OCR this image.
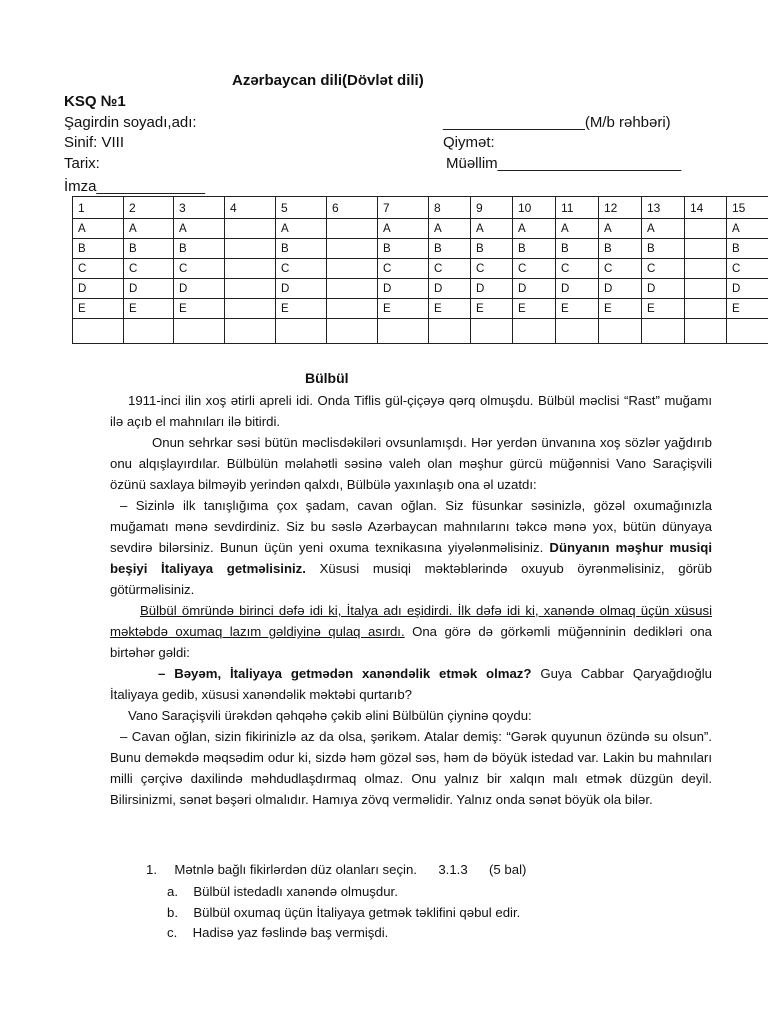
Azərbaycan dili(Dövlət dili)
KSQ №1
Şagirdin soyadı,adı:	_________________(M/b rəhbəri)
Sinif: VIII	Qiymət:
Tarix:	Müəllim______________________
İmza_____________
1	2	3	4	5	6	7	8	9	10	11	12	13	14	15
A	A	A		A		A	A	A	A	A	A	A		A
B	B	B		B		B	B	B	B	B	B	B		B
C	C	C		C		C	C	C	C	C	C	C		C
D	D	D		D		D	D	D	D	D	D	D		D
E	E	E		E		E	E	E	E	E	E	E		E

Bülbül

1911-inci ilin xoş ətirli apreli idi. Onda Tiflis gül-çiçəyə qərq olmuşdu. Bülbül məclisi “Rast” muğamı ilə açıb el mahnıları ilə bitirdi.

Onun sehrkar səsi bütün məclisdəkiləri ovsunlamışdı. Hər yerdən ünvanına xoş sözlər yağdırıb onu alqışlayırdılar. Bülbülün məlahətli səsinə valeh olan məşhur gürcü müğənnisi Vano Saraçişvili özünü saxlaya bilməyib yerindən qalxdı, Bülbülə yaxınlaşıb ona əl uzatdı:

– Sizinlə ilk tanışlığıma çox şadam, cavan oğlan. Siz füsunkar səsinizlə, gözəl oxumağınızla muğamatı mənə sevdirdiniz. Siz bu səslə Azərbaycan mahnılarını təkcə mənə yox, bütün dünyaya sevdirə bilərsiniz. Bunun üçün yeni oxuma texnikasına yiyələnməlisiniz. Dünyanın məşhur musiqi beşiyi İtaliyaya getməlisiniz. Xüsusi musiqi məktəblərində oxuyub öyrənməlisiniz, görüb götürməlisiniz.

Bülbül ömründə birinci dəfə idi ki, İtalya adı eşidirdi. İlk dəfə idi ki, xanəndə olmaq üçün xüsusi məktəbdə oxumaq lazım gəldiyinə qulaq asırdı. Ona görə də görkəmli müğənninin dedikləri ona birtəhər gəldi:

– Bəyəm, İtaliyaya getmədən xanəndəlik etmək olmaz? Guya Cabbar Qaryağdıoğlu İtaliyaya gedib, xüsusi xanəndəlik məktəbi qurtarıb?

Vano Saraçişvili ürəkdən qəhqəhə çəkib əlini Bülbülün çiyninə qoydu:

– Cavan oğlan, sizin fikirinizlə az da olsa, şərikəm. Atalar demiş: “Gərək quyunun özündə su olsun”. Bunu deməkdə məqsədim odur ki, sizdə həm gözəl səs, həm də böyük istedad var. Lakin bu mahnıları milli çərçivə daxilində məhdudlaşdırmaq olmaz. Onu yalnız bir xalqın malı etmək düzgün deyil. Bilirsinizmi, sənət bəşəri olmalıdır. Hamıya zövq verməlidir. Yalnız onda sənət böyük ola bilər.

1. Mətnlə bağlı fikirlərdən düz olanları seçin. 3.1.3 (5 bal)
a. Bülbül istedadlı xanəndə olmuşdur.
b. Bülbül oxumaq üçün İtaliyaya getmək təklifini qəbul edir.
c. Hadisə yaz fəslində baş vermişdi.
